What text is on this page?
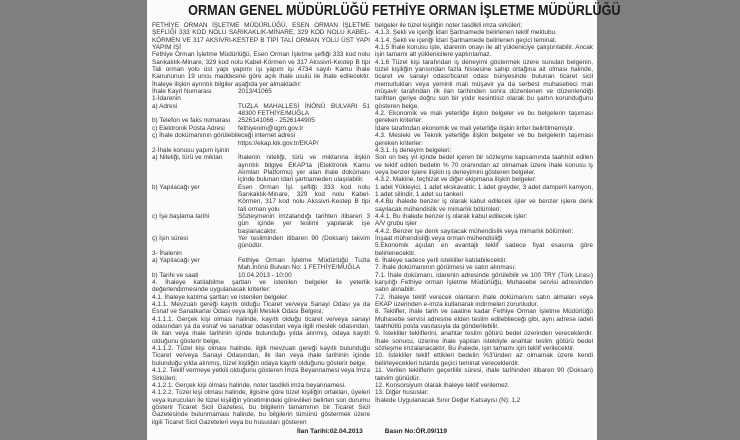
ORMAN GENEL MÜDÜRLÜĞÜ FETHİYE ORMAN İŞLETME MÜDÜRLÜĞÜ

FETHİYE ORMAN İŞLETME MÜDÜRLÜĞÜ, ESEN ORMAN İŞLETME ŞEFLİĞİ 333 KOD NOLU SARIKAKLIK-MİNARE, 329 KOD NOLU KABEL-KÖRMEN VE 317 AKSIVRI-KESTEP B TİPİ TALİ ORMAN YOLU ÜST YAPI YAPIM İŞİ

Fethiye Orman İşletme Müdürlüğü, Esen Orman İşletme şefliği 333 kod nolu Sarıkaklık-Minare, 329 kod nolu Kabel-Körmen ve 317 Akssivri-Kestep B tipi Tali orman yolu üst yapı yapımı işi yapım işi 4734 sayılı Kamu İhale Kanununun 19 uncu maddesine göre açık ihale usulü ile ihale edilecektir. İhaleye ilişkin ayrıntılı bilgiler aşağıda yer almaktadır:

İhale Kayıt Numarası	2013/41065

1-İdarenin

a) Adresi	TUZLA MAHALLESİ İNÖNÜ BULVARI 51 48300 FETHİYE/MUĞLA
b) Telefon ve faks numarası	2526141066 - 2526144905
c) Elektronik Posta Adresi	fethiyeoim@ogm.gov.tr

ç) İhale dokümanının görülebileceği internet adresi

https://ekap.kik.gov.tr/EKAP/

2-İhale konusu yapım işinin

a) Niteliği, türü ve miktarı	İhalenin niteliği, türü ve miktarına ilişkin ayrıntılı bilgiye EKAP'ta (Elektronik Kamu Alımları Platformu) yer alan ihale dokümanı içinde bulunan idari şartnameden ulaşılabilir.
b) Yapılacağı yer	Esen Orman İşl. şefliği 333 kod nolu Sarıkaklık-Minare, 329 kod nolu Kabel-Körmen, 317 kod nolu Akssivri-Kestep B tipi tali orman yolu
c) İşe başlama tarihi	Sözleşmenin imzalandığı tarihten itibaren 3 gün içinde yer teslimi yapılarak işe başlanacaktır.
ç) İşin süresi	Yer tesliminden itibaren 90 (Doksan) takvim günüdür.

3- İhalenin

a) Yapılacağı yer	Fethiye Orman İşletme Müdürlüğü Tuzla Mah.İnönü Bulvarı No: 1 FETHİYE/MUĞLA
b) Tarihi ve saati	10.04.2013 - 10:00

4. İhaleye katılabilme şartları ve istenilen belgeler ile yeterlik değerlendirmesinde uygulanacak kriterler:

4.1. İhaleye katılma şartları ve istenilen belgeler:

4.1.1. Mevzuatı gereği kayıtlı olduğu Ticaret ve/veya Sanayi Odası ya da Esnaf ve Sanatkarlar Odası veya ilgili Meslek Odası Belgesi;

4.1.1.1. Gerçek kişi olması halinde, kayıtlı olduğu ticaret ve/veya sanayi odasından ya da esnaf ve sanatkar odasından veya ilgili meslek odasından, ilk ilan veya ihale tarihinin içinde bulunduğu yılda alınmış, odaya kayıtlı olduğunu gösterir belge,

4.1.1.2. Tüzel kişi olması halinde, ilgili mevzuatı gereği kayıtlı bulunduğu Ticaret ve/veya Sanayi Odasından, ilk ilan veya ihale tarihinin içinde bulunduğu yılda alınmış, tüzel kişiliğin odaya kayıtlı olduğunu gösterir belge,

4.1.2. Teklif vermeye yetkili olduğunu gösteren İmza Beyannamesi veya İmza Sirküleri;

4.1.2.1. Gerçek kişi olması halinde, noter tasdikli imza beyannamesi.

4.1.2.2. Tüzel kişi olması halinde, ilgisine göre tüzel kişiliğin ortakları, üyeleri veya kurucuları ile tüzel kişiliğin yönetimindeki görevlileri belirten son durumu gösterir Ticaret Sicil Gazetesi, bu bilgilerin tamamının bir Ticaret Sicil Gazetesinde bulunmaması halinde, bu bilgilerin tümünü göstermek üzere ilgili Ticaret Sicil Gazeteleri veya bu hususları gösteren

belgeler ile tüzel kişiliğin noter tasdikli imza sirküleri;

4.1.3. Şekli ve içeriği İdari Şartnamede belirlenen teklif mektubu.

4.1.4. Şekli ve içeriği İdari Şartnamede belirlenen geçici teminat.

4.1.5 İhale konusu işte, idarenin onayı ile alt yükleniciye çalıştırılabilir. Ancak işin tamamı alt yüklenicilere yaptırılamaz.

4.1.6 Tüzel kişi tarafından iş deneyimi göstermek üzere sunulan belgenin, tüzel kişiliğin yarısından fazla hissesine sahip ortağına ait olması halinde, ticaret ve sanayi odası/ticaret odası bünyesinde bulunan ticaret sicil memurlukları veya yeminli mali müşavir ya da serbest muhasebeci mali müşavir tarafından ilk ilan tarihinden sonra düzenlenen ve düzenlendiği tarihten geriye doğru son bir yıldır kesintisiz olarak bu şartın korunduğunu gösteren belge.

4.2. Ekonomik ve mali yeterliğe ilişkin belgeler ve bu belgelerin taşıması gereken kriterler:

İdare tarafından ekonomik ve mali yeterliğe ilişkin kriter belirtilmemiştir.

4.3. Mesleki ve Teknik yeterliğe ilişkin belgeler ve bu belgelerin taşıması gereken kriterler:

4.3.1. İş deneyim belgeleri:

Son on beş yıl içinde bedel içeren bir sözleşme kapsamında taahhüt edilen ve teklif edilen bedelin % 70 oranından az olmamak üzere ihale konusu iş veya benzer işlere ilişkin iş deneyimini gösteren belgeler.

4.3.2. Makine, teçhizat ve diğer ekipmana ilişkin belgeler:

1 adet Yükleyici, 1 adet ekskavatör, 1 adet greyder, 3 adet damperli kamyon, 1 adet silindir, 1 adet su tankeri

4.4.Bu ihalede benzer iş olarak kabul edilecek işler ve benzer işlere denk sayılacak mühendislik ve mimarlık bölümleri:

4.4.1. Bu ihalede benzer iş olarak kabul edilecek işler:

A/V grubu işler

4.4.2. Benzer işe denk sayılacak mühendislik veya mimarlık bölümleri:

İnşaat mühendisliği veya orman mühendisliği

5.Ekonomik açıdan en avantajlı teklif sadece fiyat esasına göre belirlenecektir.

6. İhaleye sadece yerli istekliler katılabilecektir.

7. İhale dokümanının görülmesi ve satın alınması:

7.1. İhale dokümanı, idarenin adresinde görülebilir ve 100 TRY (Türk Lirası) karşılığı Fethiye orman İşletme Müdürlüğü, Muhasebe servisi adresinden satın alınabilir.

7.2. İhaleye teklif verecek olanların ihale dokümanını satın almaları veya EKAP üzerinden e-imza kullanarak indirmeleri zorunludur.

8. Teklifler, ihale tarih ve saatine kadar Fethiye Orman İşletme Müdürlüğü Muhasebe servisi adresine elden teslim edilebileceği gibi, aynı adrese iadeli taahhütlü posta vasıtasıyla da gönderilebilir.

9. İstekliler tekliflerini, anahtar teslim götürü bedel üzerinden vereceklerdir. İhale sonucu, üzerine ihale yapılan istekliyle anahtar teslim götürü bedel sözleşme imzalanacaktır. Bu ihalede, işin tamamı için teklif verilecektir.

10. İstekliler teklif ettikleri bedelin %3'ünden az olmamak üzere kendi belirleyecekleri tutarda geçici teminat vereceklerdir.

11. Verilen tekliflerin geçerlilik süresi, ihale tarihinden itibaren 90 (Doksan) takvim günüdür.

12. Konsorsiyum olarak ihaleye teklif verilemez.

13. Diğer hususlar:

İhalede Uygulanacak Sınır Değer Katsayısı (N): 1,2

İlan Tarihi:02.04.2013	Basın No:ÖR.09/119
